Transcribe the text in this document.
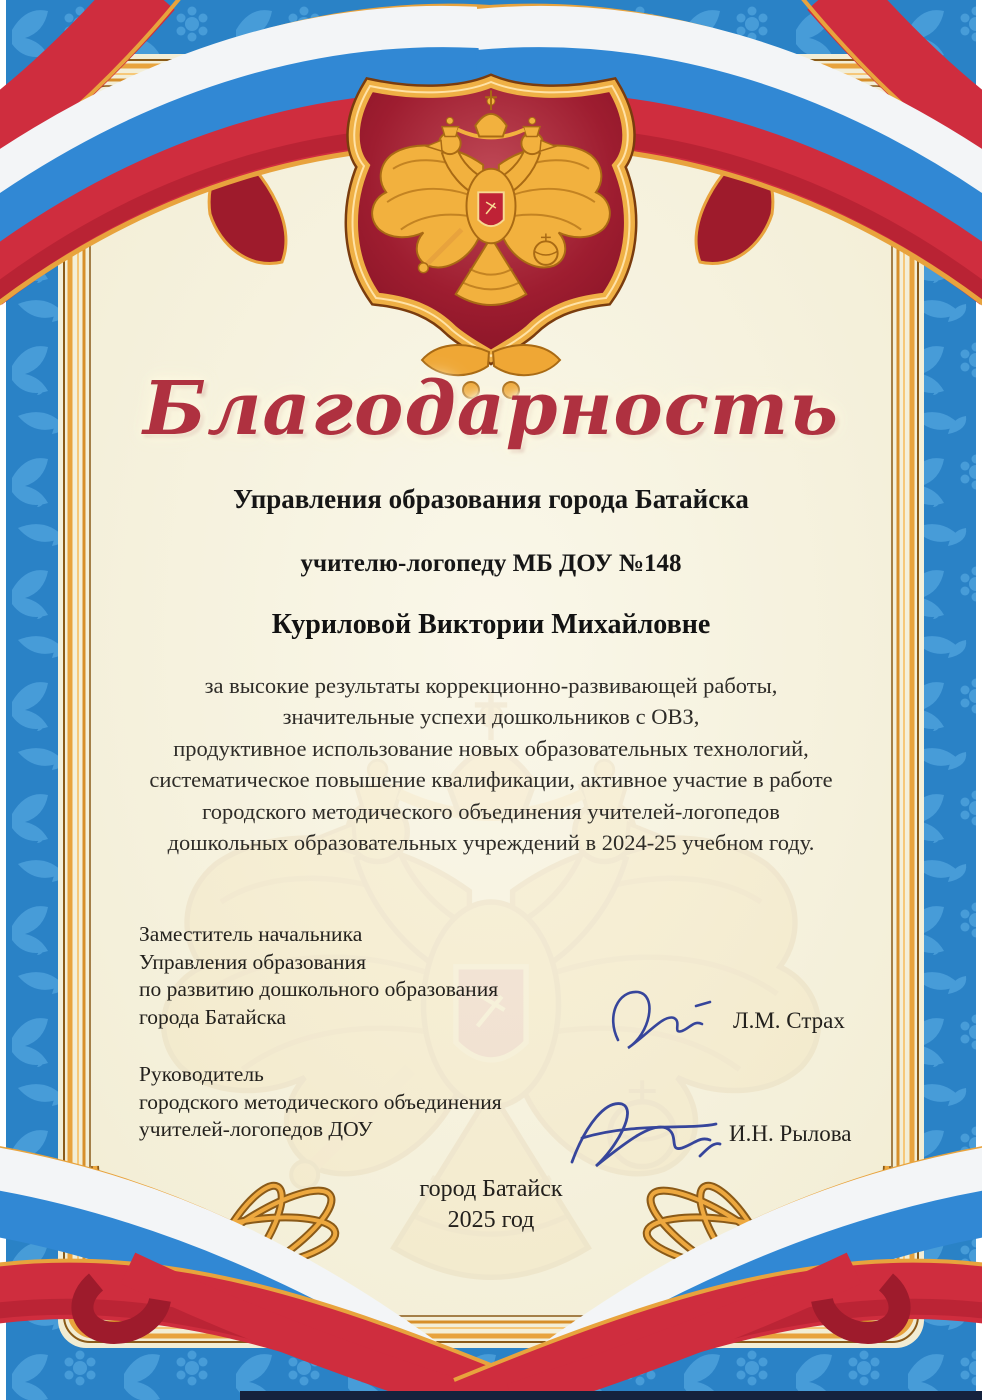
Благодарность
Управления образования города Батайска
учителю-логопеду МБ ДОУ №148
Куриловой Виктории Михайловне
за высокие результаты коррекционно-развивающей работы,
значительные успехи дошкольников с ОВЗ,
продуктивное использование новых образовательных технологий,
систематическое повышение квалификации, активное участие в работе
городского методического объединения учителей-логопедов
дошкольных образовательных учреждений в 2024-25 учебном году.
Заместитель начальника
Управления образования
по развитию дошкольного образования
города Батайска	Л.М. Страх
Руководитель
городского методического объединения
учителей-логопедов ДОУ	И.Н. Рылова
город Батайск
2025 год
